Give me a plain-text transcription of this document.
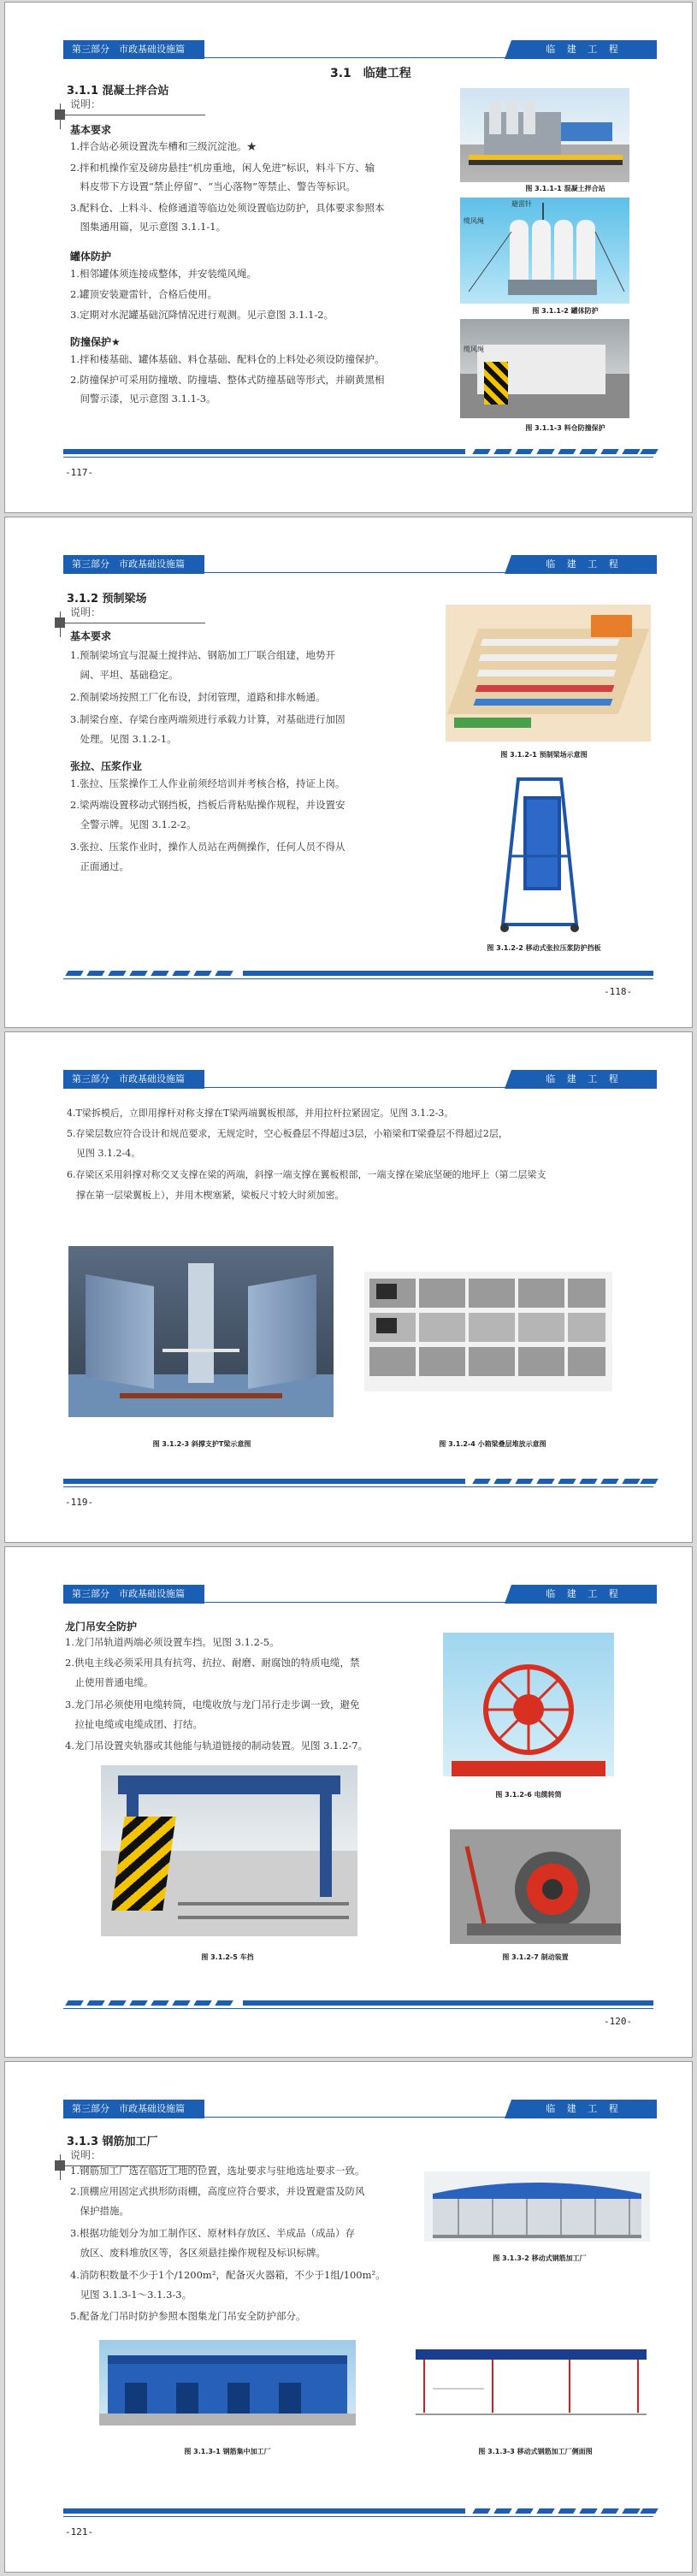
第三部分　市政基础设施篇	临 建 工 程
3.1　临建工程
3.1.1 混凝土拌合站
说明：
基本要求
1.拌合站必须设置洗车槽和三级沉淀池。★
2.拌和机操作室及磅房悬挂“机房重地，闲人免进”标识，料斗下方、输
　料皮带下方设置“禁止停留”、“当心落物”等禁止、警告等标识。
3.配料仓、上料斗、检修通道等临边处须设置临边防护，具体要求参照本
　图集通用篇，见示意图 3.1.1-1。
罐体防护
1.相邻罐体须连接成整体，并安装缆风绳。
2.罐顶安装避雷针，合格后使用。
3.定期对水泥罐基础沉降情况进行观测。见示意图 3.1.1-2。
防撞保护★
1.拌和楼基础、罐体基础、料仓基础、配料仓的上料处必须设防撞保护。
2.防撞保护可采用防撞墩、防撞墙、整体式防撞基础等形式，并刷黄黑相
　间警示漆，见示意图 3.1.1-3。
图 3.1.1-1 混凝土拌合站
避雷针
缆风绳
图 3.1.1-2 罐体防护
缆风绳
图 3.1.1-3 料仓防撞保护
-117-
第三部分　市政基础设施篇	临 建 工 程
3.1.2 预制梁场
说明：
基本要求
1.预制梁场宜与混凝土搅拌站、钢筋加工厂联合组建，地势开
　阔、平坦、基础稳定。
2.预制梁场按照工厂化布设，封闭管理，道路和排水畅通。
3.制梁台座、存梁台座两端须进行承载力计算，对基础进行加固
　处理。见图 3.1.2-1。
张拉、压浆作业
1.张拉、压浆操作工人作业前须经培训并考核合格，持证上岗。
2.梁两端设置移动式钢挡板，挡板后背粘贴操作规程，并设置安
　全警示牌。见图 3.1.2-2。
3.张拉、压浆作业时，操作人员站在两侧操作，任何人员不得从
　正面通过。
图 3.1.2-1 预制梁场示意图
图 3.1.2-2 移动式张拉压浆防护挡板
-118-
第三部分　市政基础设施篇	临 建 工 程
4.T梁拆模后，立即用撑杆对称支撑在T梁两端翼板根部，并用拉杆拉紧固定。见图 3.1.2-3。
5.存梁层数应符合设计和规范要求，无规定时，空心板叠层不得超过3层，小箱梁和T梁叠层不得超过2层，
　见图 3.1.2-4。
6.存梁区采用斜撑对称交叉支撑在梁的两端，斜撑一端支撑在翼板根部，一端支撑在梁底坚硬的地坪上（第二层梁支
　撑在第一层梁翼板上），并用木楔塞紧，梁板尺寸较大时须加密。
图 3.1.2-3 斜撑支护T梁示意图	图 3.1.2-4 小箱梁叠层堆放示意图
-119-
第三部分　市政基础设施篇	临 建 工 程
龙门吊安全防护
1.龙门吊轨道两端必须设置车挡。见图 3.1.2-5。
2.供电主线必须采用具有抗弯、抗拉、耐磨、耐腐蚀的特质电缆，禁
　止使用普通电缆。
3.龙门吊必须使用电缆转筒，电缆收放与龙门吊行走步调一致，避免
　拉扯电缆或电缆成团、打结。
4.龙门吊设置夹轨器或其他能与轨道链接的制动装置。见图 3.1.2-7。
图 3.1.2-5 车挡
图 3.1.2-6 电缆转筒
图 3.1.2-7 制动装置
-120-
第三部分　市政基础设施篇	临 建 工 程
3.1.3 钢筋加工厂
说明：
1.钢筋加工厂选在临近工地的位置，选址要求与驻地选址要求一致。
2.顶棚应用固定式拱形防雨棚，高度应符合要求，并设置避雷及防风
　保护措施。
3.根据功能划分为加工制作区、原材料存放区、半成品（成品）存
　放区、废料堆放区等，各区须悬挂操作规程及标识标牌。
4.消防积数量不少于1个/1200m²，配备灭火器箱，不少于1组/100m²。
　见图 3.1.3-1～3.1.3-3。
5.配备龙门吊时防护参照本图集龙门吊安全防护部分。
图 3.1.3-2 移动式钢筋加工厂
图 3.1.3-1 钢筋集中加工厂	图 3.1.3-3 移动式钢筋加工厂侧面图
-121-
